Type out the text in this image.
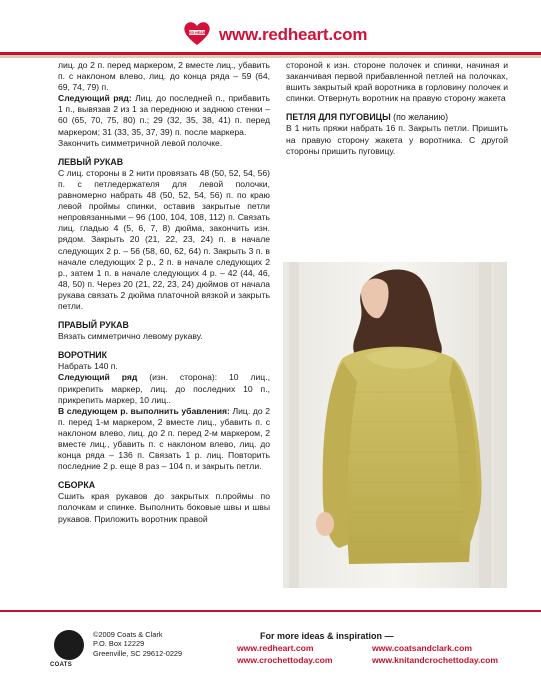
RED HEART www.redheart.com

лиц. до 2 п. перед маркером, 2 вместе лиц., убавить п. с наклоном влево, лиц. до конца ряда – 59 (64, 69, 74, 79) п.

Следующий ряд: Лиц. до последней п., прибавить 1 п., вывязав 2 из 1 за переднюю и заднюю стенки – 60 (65, 70, 75, 80) п.; 29 (32, 35, 38, 41) п. перед маркером; 31 (33, 35, 37, 39) п. после маркера.

Закончить симметричной левой полочке.

ЛЕВЫЙ РУКАВ

С лиц. стороны в 2 нити провязать 48 (50, 52, 54, 56) п. с петледержателя для левой полочки, равномерно набрать 48 (50, 52, 54, 56) п. по краю левой проймы спинки, оставив закрытые петли непровязанными – 96 (100, 104, 108, 112) п. Связать лиц. гладью 4 (5, 6, 7, 8) дюйма, закончить изн. рядом. Закрыть 20 (21, 22, 23, 24) п. в начале следующих 2 р. – 56 (58, 60, 62, 64) п. Закрыть 3 п. в начале следующих 2 р., 2 п. в начале следующих 2 р., затем 1 п. в начале следующих 4 р. – 42 (44, 46, 48, 50) п. Через 20 (21, 22, 23, 24) дюймов от начала рукава связать 2 дюйма платочной вязкой и закрыть петли.

ПРАВЫЙ РУКАВ

Вязать симметрично левому рукаву.

ВОРОТНИК

Набрать 140 п.

Следующий ряд (изн. сторона): 10 лиц., прикрепить маркер, лиц. до последних 10 п., прикрепить маркер, 10 лиц..

В следующем р. выполнить убавления: Лиц. до 2 п. перед 1-м маркером, 2 вместе лиц., убавить п. с наклоном влево, лиц. до 2 п. перед 2-м маркером, 2 вместе лиц., убавить п. с наклоном влево, лиц. до конца ряда – 136 п. Связать 1 р. лиц. Повторить последние 2 р. еще 8 раз – 104 п. и закрыть петли.

СБОРКА

Сшить края рукавов до закрытых п.проймы по полочкам и спинке. Выполнить боковые швы и швы рукавов. Приложить воротник правой

стороной к изн. стороне полочек и спинки, начиная и заканчивая первой прибавленной петлей на полочках, вшить закрытый край воротника в горловину полочек и спинки. Отвернуть воротник на правую сторону жакета

ПЕТЛЯ ДЛЯ ПУГОВИЦЫ (по желанию)

В 1 нить пряжи набрать 16 п. Закрыть петли. Пришить на правую сторону жакета у воротника. С другой стороны пришить пуговицу.

COATS
©2009 Coats & Clark
P.O. Box 12229
Greenville, SC 29612-0229
For more ideas & inspiration —
www.redheart.com	www.coatsandclark.com
www.crochettoday.com	www.knitandcrochettoday.com
